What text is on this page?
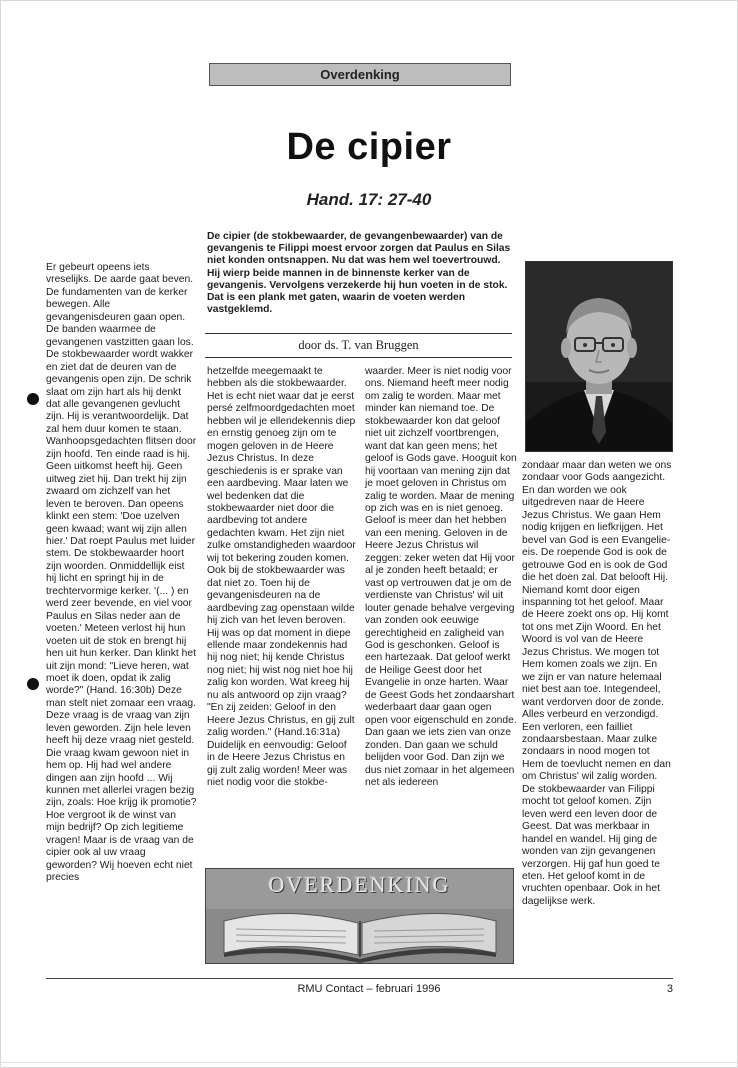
Overdenking
De cipier
Hand. 17: 27-40
De cipier (de stokbewaarder, de gevangenbewaarder) van de gevangenis te Filippi moest ervoor zorgen dat Paulus en Silas niet konden ontsnappen. Nu dat was hem wel toevertrouwd. Hij wierp beide mannen in de binnenste kerker van de gevangenis. Vervolgens verzekerde hij hun voeten in de stok. Dat is een plank met gaten, waarin de voeten werden vastgeklemd.
door ds. T. van Bruggen

Er gebeurt opeens iets vreselijks. De aarde gaat beven. De fundamenten van de kerker bewegen. Alle gevangenisdeuren gaan open. De banden waarmee de gevangenen vastzitten gaan los. De stokbewaarder wordt wakker en ziet dat de deuren van de gevangenis open zijn. De schrik slaat om zijn hart als hij denkt dat alle gevangenen gevlucht zijn. Hij is verantwoordelijk. Dat zal hem duur komen te staan. Wanhoopsgedachten flitsen door zijn hoofd. Ten einde raad is hij. Geen uitkomst heeft hij. Geen uitweg ziet hij. Dan trekt hij zijn zwaard om zichzelf van het leven te beroven. Dan opeens klinkt een stem: 'Doe uzelven geen kwaad; want wij zijn allen hier.' Dat roept Paulus met luider stem. De stokbewaarder hoort zijn woorden. Onmiddellijk eist hij licht en springt hij in de trechtervormige kerker. '(... ) en werd zeer bevende, en viel voor Paulus en Silas neder aan de voeten.' Meteen verlost hij hun voeten uit de stok en brengt hij hen uit hun kerker. Dan klinkt het uit zijn mond: "Lieve heren, wat moet ik doen, opdat ik zalig worde?" (Hand. 16:30b) Deze man stelt niet zomaar een vraag. Deze vraag is de vraag van zijn leven geworden. Zijn hele leven heeft hij deze vraag niet gesteld. Die vraag kwam gewoon niet in hem op. Hij had wel andere dingen aan zijn hoofd ... Wij kunnen met allerlei vragen bezig zijn, zoals: Hoe krijg ik promotie? Hoe vergroot ik de winst van mijn bedrijf? Op zich legitieme vragen! Maar is de vraag van de cipier ook al uw vraag geworden? Wij hoeven echt niet precies

hetzelfde meegemaakt te hebben als die stokbewaarder. Het is echt niet waar dat je eerst persé zelfmoordgedachten moet hebben wil je ellendekennis diep en ernstig genoeg zijn om te mogen geloven in de Heere Jezus Christus. In deze geschiedenis is er sprake van een aardbeving. Maar laten we wel bedenken dat die stokbewaarder niet door die aardbeving tot andere gedachten kwam. Het zijn niet zulke omstandigheden waardoor wij tot bekering zouden komen. Ook bij de stokbewaarder was dat niet zo. Toen hij de gevangenisdeuren na de aardbeving zag openstaan wilde hij zich van het leven beroven. Hij was op dat moment in diepe ellende maar zondekennis had hij nog niet; hij kende Christus nog niet; hij wist nog niet hoe hij zalig kon worden. Wat kreeg hij nu als antwoord op zijn vraag? "En zij zeiden: Geloof in den Heere Jezus Christus, en gij zult zalig worden." (Hand.16:31a) Duidelijk en eenvoudig: Geloof in de Heere Jezus Christus en gij zult zalig worden! Meer was niet nodig voor die stokbe-

waarder. Meer is niet nodig voor ons. Niemand heeft meer nodig om zalig te worden. Maar met minder kan niemand toe. De stokbewaarder kon dat geloof niet uit zichzelf voortbrengen, want dat kan geen mens; het geloof is Gods gave. Hooguit kon hij voortaan van mening zijn dat je moet geloven in Christus om zalig te worden. Maar de mening op zich was en is niet genoeg. Geloof is meer dan het hebben van een mening. Geloven in de Heere Jezus Christus wil zeggen: zeker weten dat Hij voor al je zonden heeft betaald; er vast op vertrouwen dat je om de verdienste van Christus' wil uit louter genade behalve vergeving van zonden ook eeuwige gerechtigheid en zaligheid van God is geschonken. Geloof is een hartezaak. Dat geloof werkt de Heilige Geest door het Evangelie in onze harten. Waar de Geest Gods het zondaarshart wederbaart daar gaan ogen open voor eigenschuld en zonde. Dan gaan we iets zien van onze zonden. Dan gaan we schuld belijden voor God. Dan zijn we dus niet zomaar in het algemeen net als iedereen

zondaar maar dan weten we ons zondaar voor Gods aangezicht. En dan worden we ook uitgedreven naar de Heere Jezus Christus. We gaan Hem nodig krijgen en liefkrijgen. Het bevel van God is een Evangelie-eis. De roepende God is ook de getrouwe God en is ook de God die het doen zal. Dat belooft Hij. Niemand komt door eigen inspanning tot het geloof. Maar de Heere zoekt ons op. Hij komt tot ons met Zijn Woord. En het Woord is vol van de Heere Jezus Christus. We mogen tot Hem komen zoals we zijn. En we zijn er van nature helemaal niet best aan toe. Integendeel, want verdorven door de zonde. Alles verbeurd en verzondigd. Een verloren, een failliet zondaarsbestaan. Maar zulke zondaars in nood mogen tot Hem de toevlucht nemen en dan om Christus' wil zalig worden. De stokbewaarder van Filippi mocht tot geloof komen. Zijn leven werd een leven door de Geest. Dat was merkbaar in handel en wandel. Hij ging de wonden van zijn gevangenen verzorgen. Hij gaf hun goed te eten. Het geloof komt in de vruchten openbaar. Ook in het dagelijkse werk.

OVERDENKING
RMU Contact – februari 1996	3
